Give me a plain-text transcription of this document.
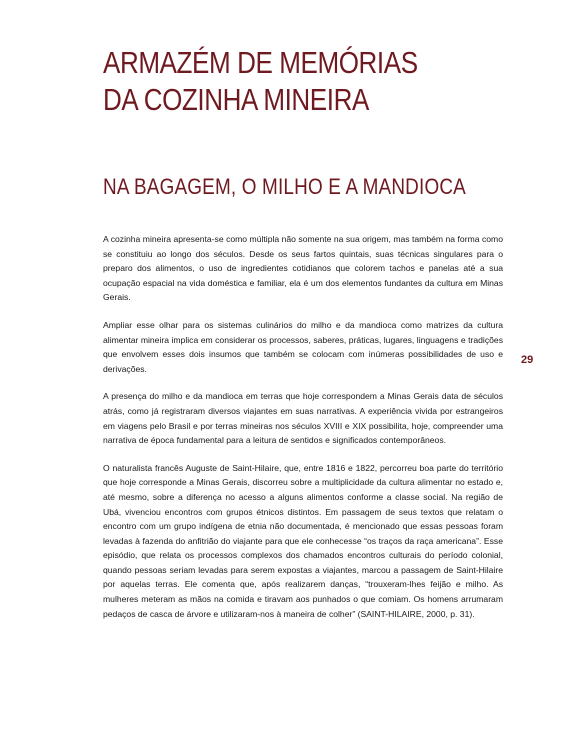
ARMAZÉM DE MEMÓRIAS
DA COZINHA MINEIRA
NA BAGAGEM, O MILHO E A MANDIOCA

A cozinha mineira apresenta-se como múltipla não somente na sua origem, mas também na forma como se constituiu ao longo dos séculos. Desde os seus fartos quintais, suas técnicas singulares para o preparo dos alimentos, o uso de ingredientes cotidianos que colorem tachos e panelas até a sua ocupação espacial na vida doméstica e familiar, ela é um dos elementos fundantes da cultura em Minas Gerais.

Ampliar esse olhar para os sistemas culinários do milho e da mandioca como matrizes da cultura alimentar mineira implica em considerar os processos, saberes, práticas, lugares, linguagens e tradições que envolvem esses dois insumos que também se colocam com inúmeras possibilidades de uso e derivações.

A presença do milho e da mandioca em terras que hoje correspondem a Minas Gerais data de séculos atrás, como já registraram diversos viajantes em suas narrativas. A experiência vivida por estrangeiros em viagens pelo Brasil e por terras mineiras nos séculos XVIII e XIX possibilita, hoje, compreender uma narrativa de época fundamental para a leitura de sentidos e significados contemporâneos.

O naturalista francês Auguste de Saint-Hilaire, que, entre 1816 e 1822, percorreu boa parte do território que hoje corresponde a Minas Gerais, discorreu sobre a multiplicidade da cultura alimentar no estado e, até mesmo, sobre a diferença no acesso a alguns alimentos conforme a classe social. Na região de Ubá, vivenciou encontros com grupos étnicos distintos. Em passagem de seus textos que relatam o encontro com um grupo indígena de etnia não documentada, é mencionado que essas pessoas foram levadas à fazenda do anfitrião do viajante para que ele conhecesse “os traços da raça americana”. Esse episódio, que relata os processos complexos dos chamados encontros culturais do período colonial, quando pessoas seriam levadas para serem expostas a viajantes, marcou a passagem de Saint-Hilaire por aquelas terras. Ele comenta que, após realizarem danças, “trouxeram-lhes feijão e milho. As mulheres meteram as mãos na comida e tiravam aos punhados o que comiam. Os homens arrumaram pedaços de casca de árvore e utilizaram-nos à maneira de colher” (SAINT-HILAIRE, 2000, p. 31).

29
